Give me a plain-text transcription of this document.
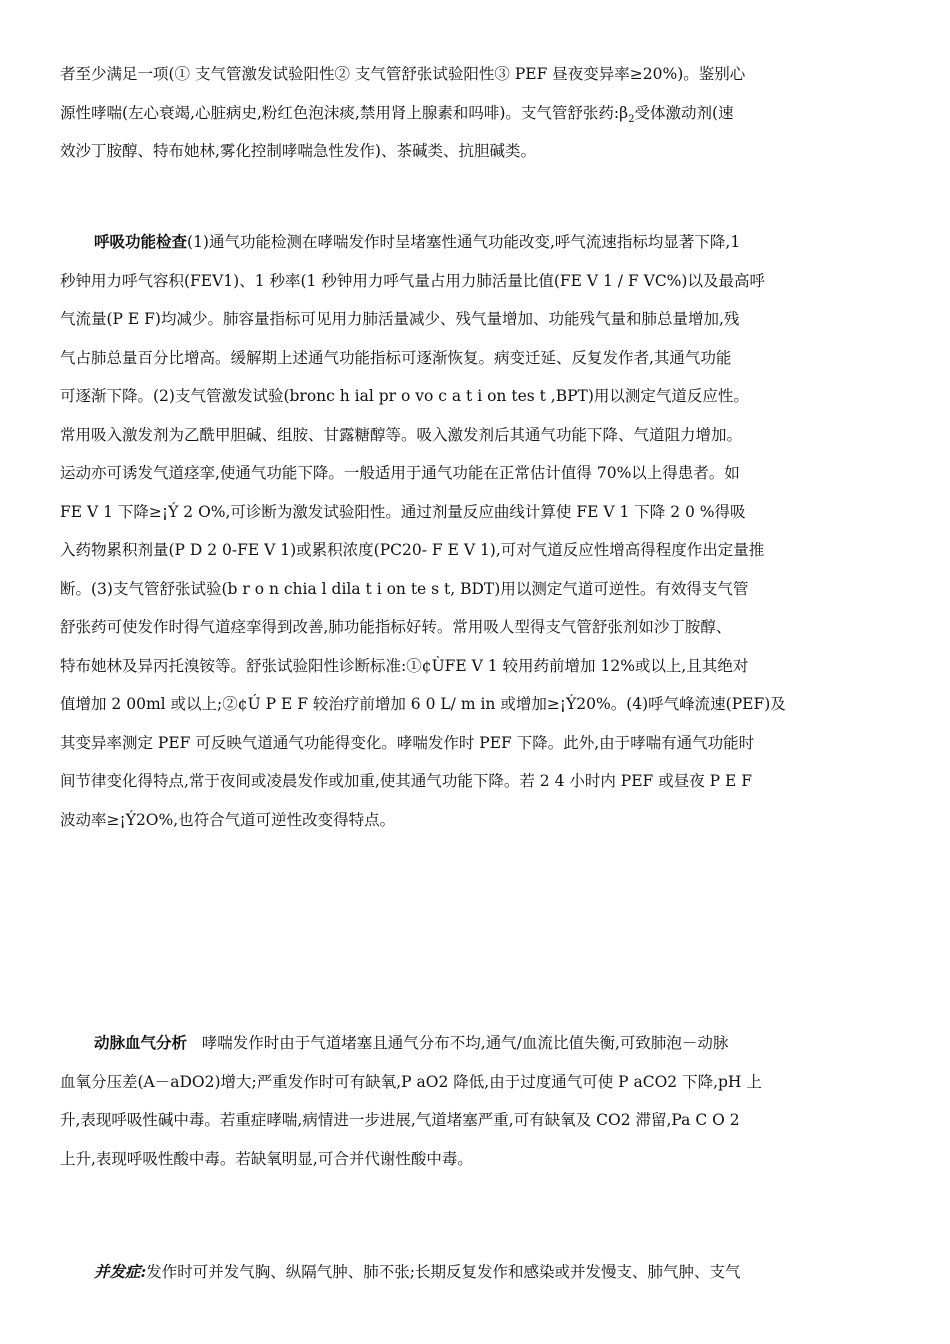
者至少满足一项(① 支气管激发试验阳性② 支气管舒张试验阳性③ PEF 昼夜变异率≥20%)。鉴别心
源性哮喘(左心衰竭,心脏病史,粉红色泡沫痰,禁用肾上腺素和吗啡)。支气管舒张药$:\beta_2$受体激动剂(速
效沙丁胺醇、特布她林,雾化控制哮喘急性发作)、茶碱类、抗胆碱类。
呼吸功能检查(1)通气功能检测在哮喘发作时呈堵塞性通气功能改变,呼气流速指标均显著下降,1
秒钟用力呼气容积(FEV1)、1 秒率(1 秒钟用力呼气量占用力肺活量比值(FE V 1 / F VC%)以及最高呼
气流量(P E F)均减少。肺容量指标可见用力肺活量减少、残气量增加、功能残气量和肺总量增加,残
气占肺总量百分比增高。缓解期上述通气功能指标可逐渐恢复。病变迁延、反复发作者,其通气功能
可逐渐下降。(2)支气管激发试验(bronc h ial pr o vo c a t i on tes t ,BPT)用以测定气道反应性。
常用吸入激发剂为乙酰甲胆碱、组胺、甘露糖醇等。吸入激发剂后其通气功能下降、气道阻力增加。
运动亦可诱发气道痉挛,使通气功能下降。一般适用于通气功能在正常估计值得 70%以上得患者。如
FE V 1 下降≥¡Ý 2 O%,可诊断为激发试验阳性。通过剂量反应曲线计算使 FE V 1 下降 2 0 %得吸
入药物累积剂量(P D 2 0-FE V 1)或累积浓度(PC20- F E V 1),可对气道反应性增高得程度作出定量推
断。(3)支气管舒张试验(b r o n chia l dila t i on te s t, BDT)用以测定气道可逆性。有效得支气管
舒张药可使发作时得气道痉挛得到改善,肺功能指标好转。常用吸人型得支气管舒张剂如沙丁胺醇、
特布她林及异丙托溴铵等。舒张试验阳性诊断标准:①¢ÙFE V 1 较用药前增加 12%或以上,且其绝对
值增加 2 00ml 或以上;②¢Ú P E F 较治疗前增加 6 0 L/ m in 或增加≥¡Ý20%。(4)呼气峰流速(PEF)及
其变异率测定 PEF 可反映气道通气功能得变化。哮喘发作时 PEF 下降。此外,由于哮喘有通气功能时
间节律变化得特点,常于夜间或凌晨发作或加重,使其通气功能下降。若 2 4 小时内 PEF 或昼夜 P E F
波动率≥¡Ý2O%,也符合气道可逆性改变得特点。
动脉血气分析 哮喘发作时由于气道堵塞且通气分布不均,通气/血流比值失衡,可致肺泡－动脉
血氧分压差(A－aDO2)增大;严重发作时可有缺氧,P aO2 降低,由于过度通气可使 P aCO2 下降,pH 上
升,表现呼吸性碱中毒。若重症哮喘,病情进一步进展,气道堵塞严重,可有缺氧及 CO2 滞留,Pa C O 2
上升,表现呼吸性酸中毒。若缺氧明显,可合并代谢性酸中毒。
并发症:发作时可并发气胸、纵隔气肿、肺不张;长期反复发作和感染或并发慢支、肺气肿、支气
